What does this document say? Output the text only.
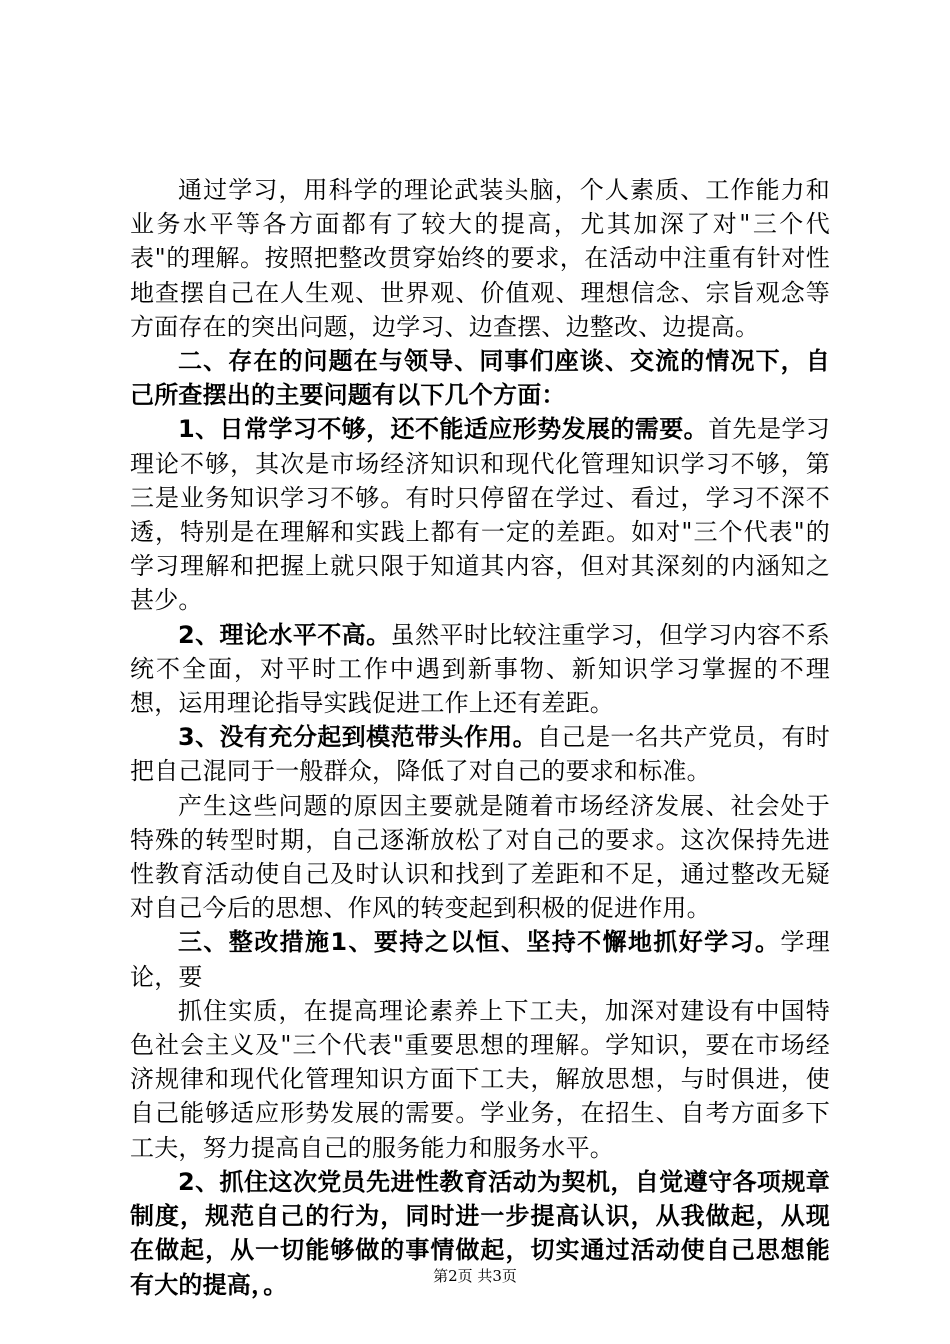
通过学习，用科学的理论武装头脑，个人素质、工作能力和业务水平等各方面都有了较大的提高，尤其加深了对"三个代表"的理解。按照把整改贯穿始终的要求，在活动中注重有针对性地查摆自己在人生观、世界观、价值观、理想信念、宗旨观念等方面存在的突出问题，边学习、边查摆、边整改、边提高。

二、存在的问题在与领导、同事们座谈、交流的情况下，自己所查摆出的主要问题有以下几个方面：

1、日常学习不够，还不能适应形势发展的需要。首先是学习理论不够，其次是市场经济知识和现代化管理知识学习不够，第三是业务知识学习不够。有时只停留在学过、看过，学习不深不透，特别是在理解和实践上都有一定的差距。如对"三个代表"的学习理解和把握上就只限于知道其内容，但对其深刻的内涵知之甚少。

2、理论水平不高。虽然平时比较注重学习，但学习内容不系统不全面，对平时工作中遇到新事物、新知识学习掌握的不理想，运用理论指导实践促进工作上还有差距。

3、没有充分起到模范带头作用。自己是一名共产党员，有时把自己混同于一般群众，降低了对自己的要求和标准。

产生这些问题的原因主要就是随着市场经济发展、社会处于特殊的转型时期，自己逐渐放松了对自己的要求。这次保持先进性教育活动使自己及时认识和找到了差距和不足，通过整改无疑对自己今后的思想、作风的转变起到积极的促进作用。

三、整改措施1、要持之以恒、坚持不懈地抓好学习。学理论，要

抓住实质，在提高理论素养上下工夫，加深对建设有中国特色社会主义及"三个代表"重要思想的理解。学知识，要在市场经济规律和现代化管理知识方面下工夫，解放思想，与时俱进，使自己能够适应形势发展的需要。学业务，在招生、自考方面多下工夫，努力提高自己的服务能力和服务水平。

2、抓住这次党员先进性教育活动为契机，自觉遵守各项规章制度，规范自己的行为，同时进一步提高认识，从我做起，从现在做起，从一切能够做的事情做起，切实通过活动使自己思想能有大的提高，。	第2页 共3页
